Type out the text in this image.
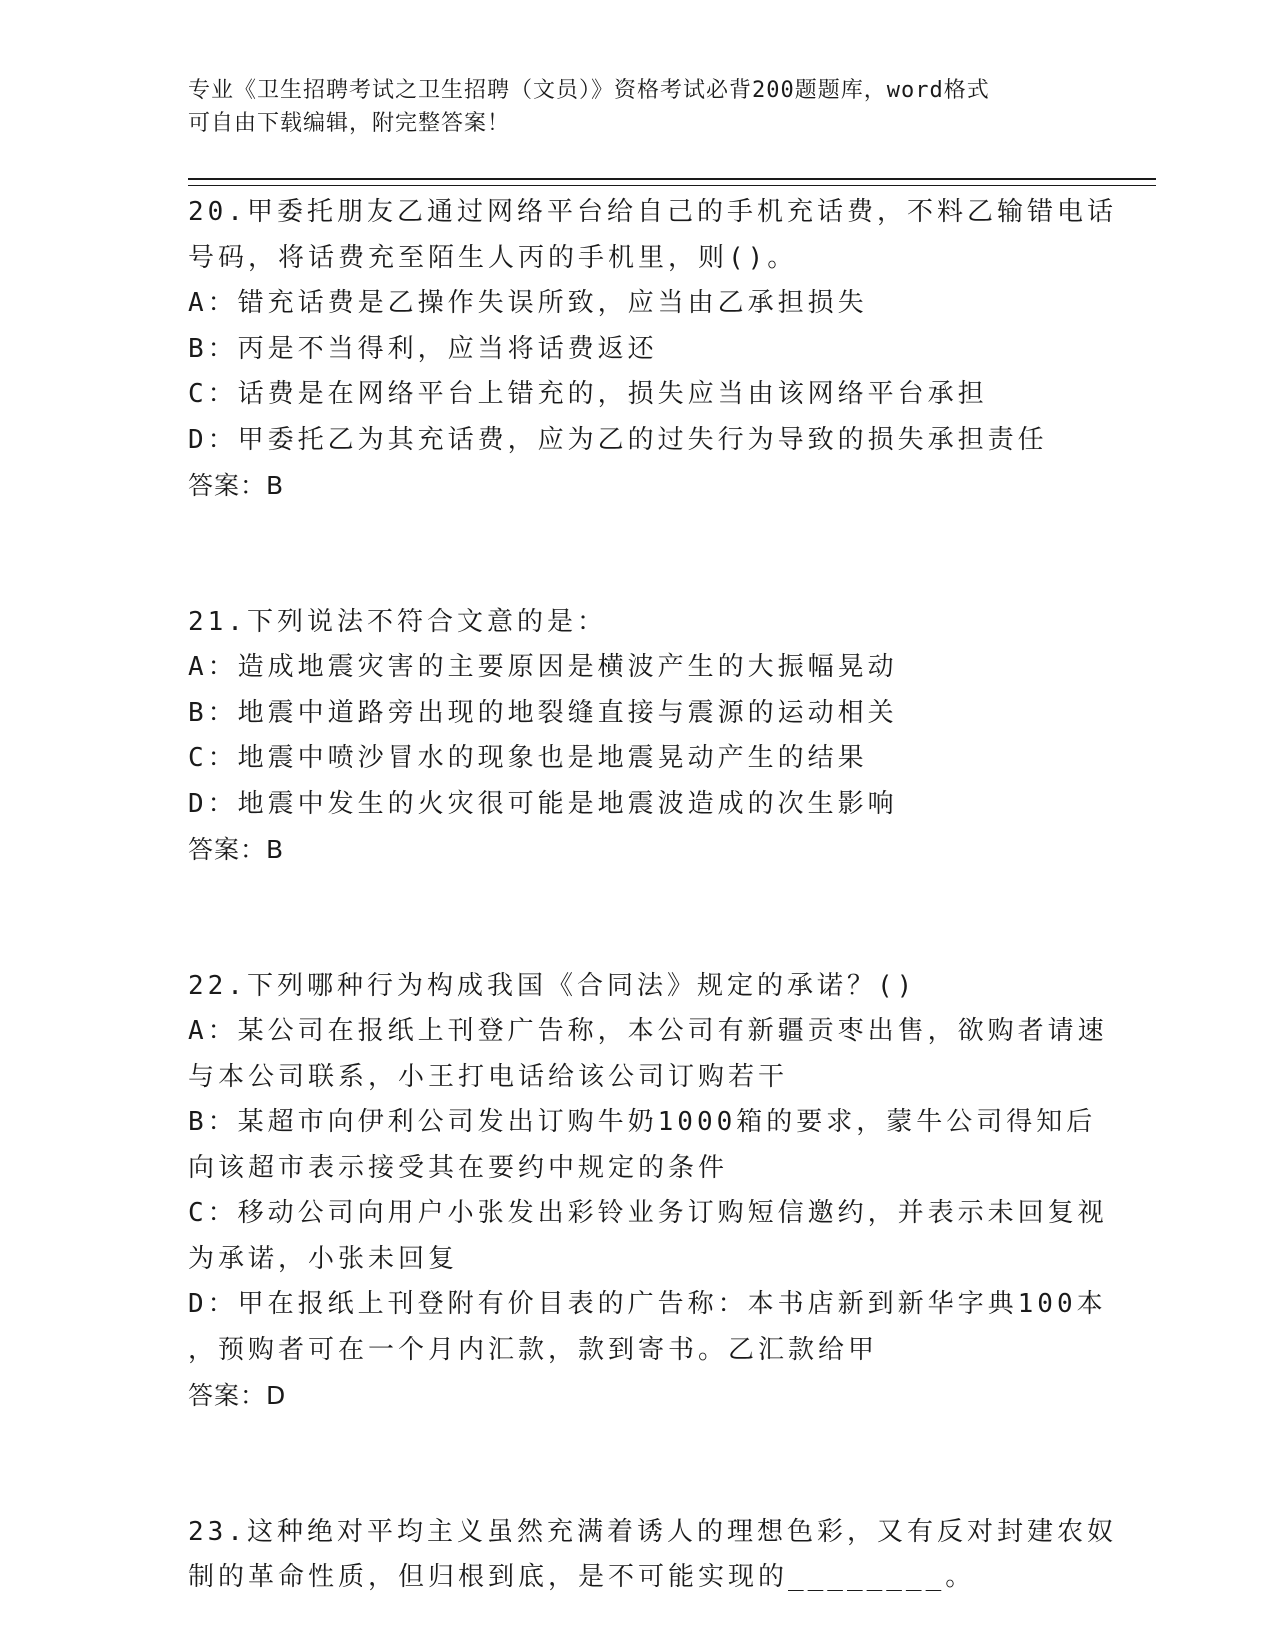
专业《卫生招聘考试之卫生招聘（文员）》资格考试必背200题题库，word格式
可自由下载编辑，附完整答案！
20.甲委托朋友乙通过网络平台给自己的手机充话费，不料乙输错电话
号码，将话费充至陌生人丙的手机里，则()。
A：错充话费是乙操作失误所致，应当由乙承担损失
B：丙是不当得利，应当将话费返还
C：话费是在网络平台上错充的，损失应当由该网络平台承担
D：甲委托乙为其充话费，应为乙的过失行为导致的损失承担责任
答案：B
21.下列说法不符合文意的是：
A：造成地震灾害的主要原因是横波产生的大振幅晃动
B：地震中道路旁出现的地裂缝直接与震源的运动相关
C：地震中喷沙冒水的现象也是地震晃动产生的结果
D：地震中发生的火灾很可能是地震波造成的次生影响
答案：B
22.下列哪种行为构成我国《合同法》规定的承诺？()
A：某公司在报纸上刊登广告称，本公司有新疆贡枣出售，欲购者请速
与本公司联系，小王打电话给该公司订购若干
B：某超市向伊利公司发出订购牛奶1000箱的要求，蒙牛公司得知后
向该超市表示接受其在要约中规定的条件
C：移动公司向用户小张发出彩铃业务订购短信邀约，并表示未回复视
为承诺，小张未回复
D：甲在报纸上刊登附有价目表的广告称：本书店新到新华字典100本
，预购者可在一个月内汇款，款到寄书。乙汇款给甲
答案：D
23.这种绝对平均主义虽然充满着诱人的理想色彩，又有反对封建农奴
制的革命性质，但归根到底，是不可能实现的________。
